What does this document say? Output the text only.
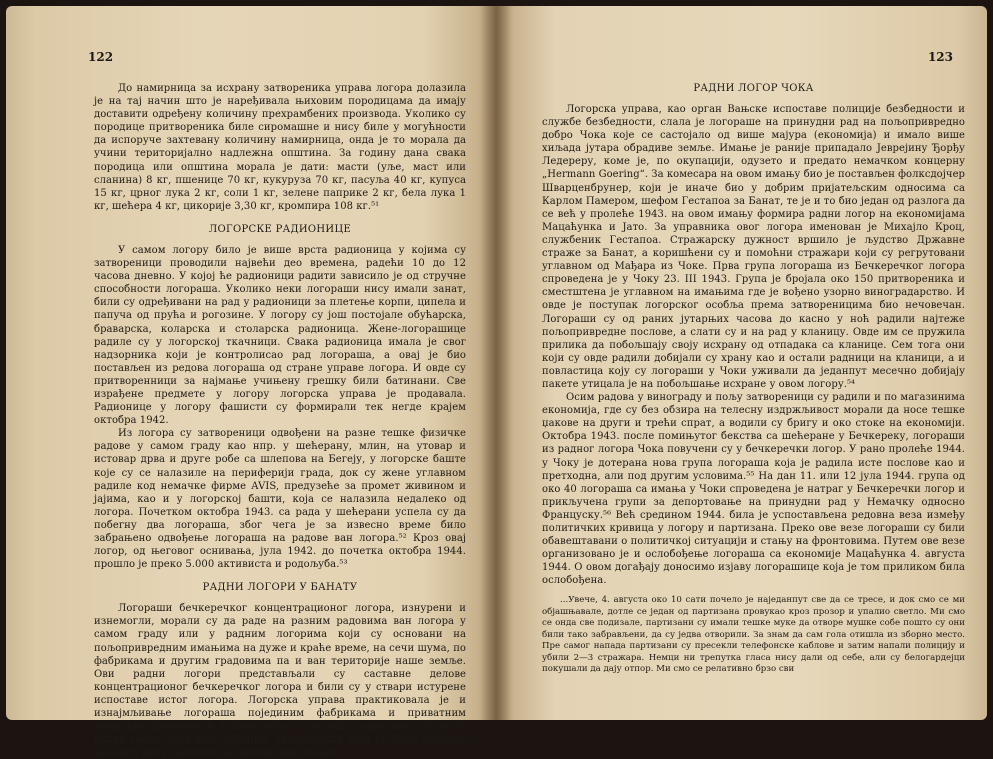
122

До намирница за исхрану затвореника управа логора долазила је на тај начин што је наређивала њиховим породицама да имају доставити одређену количину прехрамбених производа. Уколико су породице притвореника биле сиромашне и нису биле у могућности да испоруче захтевану количину намирница, онда је то морала да учини територијално надлежна општина. За годину дана свака породица или општина морала је дати: масти (уље, маст или сланина) 8 кг, пшенице 70 кг, кукуруза 70 кг, пасуља 40 кг, купуса 15 кг, црног лука 2 кг, соли 1 кг, зелене паприке 2 кг, бела лука 1 кг, шећера 4 кг, цикорије 3,30 кг, кромпира 108 кг.⁵¹

ЛОГОРСКЕ РАДИОНИЦЕ

У самом логору било је више врста радионица у којима су затвореници проводили највећи део времена, радећи 10 до 12 часова дневно. У којој ће радионици радити зависило је од стручне способности логораша. Уколико неки логораши нису имали занат, били су одређивани на рад у радионици за плетење корпи, ципела и папуча од прућа и рогозине. У логору су још постојале обућарска, браварска, коларска и столарска радионица. Жене-логорашице радиле су у логорској ткачници. Свака радионица имала је свог надзорника који је контролисао рад логораша, а овај је био постављен из редова логораша од стране управе логора. И овде су притворенници за најмање учињену грешку били батинани. Све израђене предмете у логору логорска управа је продавала. Радионице у логору фашисти су формирали тек негде крајем октобра 1942.

Из логора су затвореници одвођени на разне тешке физичке радове у самом граду као нпр. у шећерану, млин, на утовар и истовар дрва и друге робе са шлепова на Бегеју, у логорске баште које су се налазиле на периферији града, док су жене углавном радиле код немачке фирме AVIS, предузеће за промет живином и јајима, као и у логорској башти, која се налазила недалеко од логора. Почетком октобра 1943. са рада у шећерани успела су да побегну два логораша, због чега је за извесно време било забрањено одвођење логораша на радове ван логора.⁵² Кроз овај логор, од његовог оснивања, јула 1942. до почетка октобра 1944. прошло је преко 5.000 активиста и родољуба.⁵³

РАДНИ ЛОГОРИ У БАНАТУ

Логораши бечкеречког концентрационог логора, изнурени и изнемогли, морали су да раде на разним радовима ван логора у самом граду или у радним логорима који су основани на пољопривредним имањима на дуже и краће време, на сечи шума, по фабрикама и другим градовима па и ван територије наше земље. Ови радни логори представљали су саставне делове концентрационог бечкеречког логора и били су у ствари истурене испоставе истог логора. Логорска управа практиковала је и изнајмљивање логораша појединим фабрикама и приватним немачким фирмама и лицима која су их радо користила, јер је та радна снага била врло јефтина. Затвореници који су били осуђени на смрт, нису одлазили на радове ван логора.

123
РАДНИ ЛОГОР ЧОКА

Логорска управа, као орган Вањске испоставе полиције безбедности и службе безбедности, слала је логораше на принудни рад на пољопривредно добро Чока које се састојало од више мајура (економија) и имало више хиљада јутара обрадиве земље. Имање је раније припадало Јеврејину Ђорђу Ледереру, коме је, по окупацији, одузето и предато немачком концерну „Hermann Goering“. За комесара на овом имању био је постављен фолксдојчер Шварценбрунер, који је иначе био у добрим пријатељским односима са Карлом Памером, шефом Гестапоа за Банат, те је и то био један од разлога да се већ у пролеће 1943. на овом имању формира радни логор на економијама Мацаћунка и Јато. За управника овог логора именован је Михајло Кроц, службеник Гестапоа. Стражарску дужност вршило је људство Државне страже за Банат, а коришћени су и помоћни стражари који су регрутовани углавном од Мађара из Чоке. Прва група логораша из Бечкеречког логора спроведена је у Чоку 23. III 1943. Група је бројала око 150 притвореника и сместштена је углавном на имањима где је вођено узорно виноградарство. И овде је поступак логорског особља према затвореницима био нечовечан. Логораши су од раних јутарњих часова до касно у ноћ радили најтеже пољопривредне послове, а слати су и на рад у кланицу. Овде им се пружила прилика да побољшају своју исхрану од отпадака са кланице. Сем тога они који су овде радили добијали су храну као и остали радници на кланици, а и повластица коју су логораши у Чоки уживали да једанпут месечно добијају пакете утицала је на побољшање исхране у овом логору.⁵⁴

Осим радова у винограду и пољу затвореници су радили и по магазинима економија, где су без обзира на телесну издржљивост морали да носе тешке џакове на други и трећи спрат, а водили су бригу и око стоке на економији. Октобра 1943. после помињутог бекства са шећеране у Бечкереку, логораши из радног логора Чока повучени су у бечкеречки логор. У рано пролеће 1944. у Чоку је дотерана нова група логораша која је радила исте послове као и претходна, али под другим условима.⁵⁵ На дан 11. или 12 јула 1944. група од око 40 логораша са имања у Чоки спроведена је натраг у Бечкеречки логор и прикључена групи за депортовање на принудни рад у Немачку односно Француску.⁵⁶ Већ средином 1944. била је успостављена редовна веза између политичких кривица у логору и партизана. Преко ове везе логораши су били обавештавани о политичкој ситуацији и стању на фронтовима. Путем ове везе организовано је и ослобођење логораша са економије Мацаћунка 4. августа 1944. О овом догађају доносимо изјаву логорашице која је том приликом била ослобођена.

...Увече, 4. августа око 10 сати почело је наједанпут све да се тресе, и док смо се ми објашњавале, дотле се један од партизана провукао кроз прозор и упалио светло. Ми смо се онда све подизале, партизани су имали тешке муке да отворе мушке собе пошто су они били тако забрављени, да су једва отворили. За знам да сам гола отишла из зборно место. Пре самог напада партизани су пресекли телефонске каблове и затим напали полицију и убили 2—3 стражара. Немци ни трепутка гласа нису дали од себе, али су белогардејци покушали да дају отпор. Ми смо се релативно брзо сви
